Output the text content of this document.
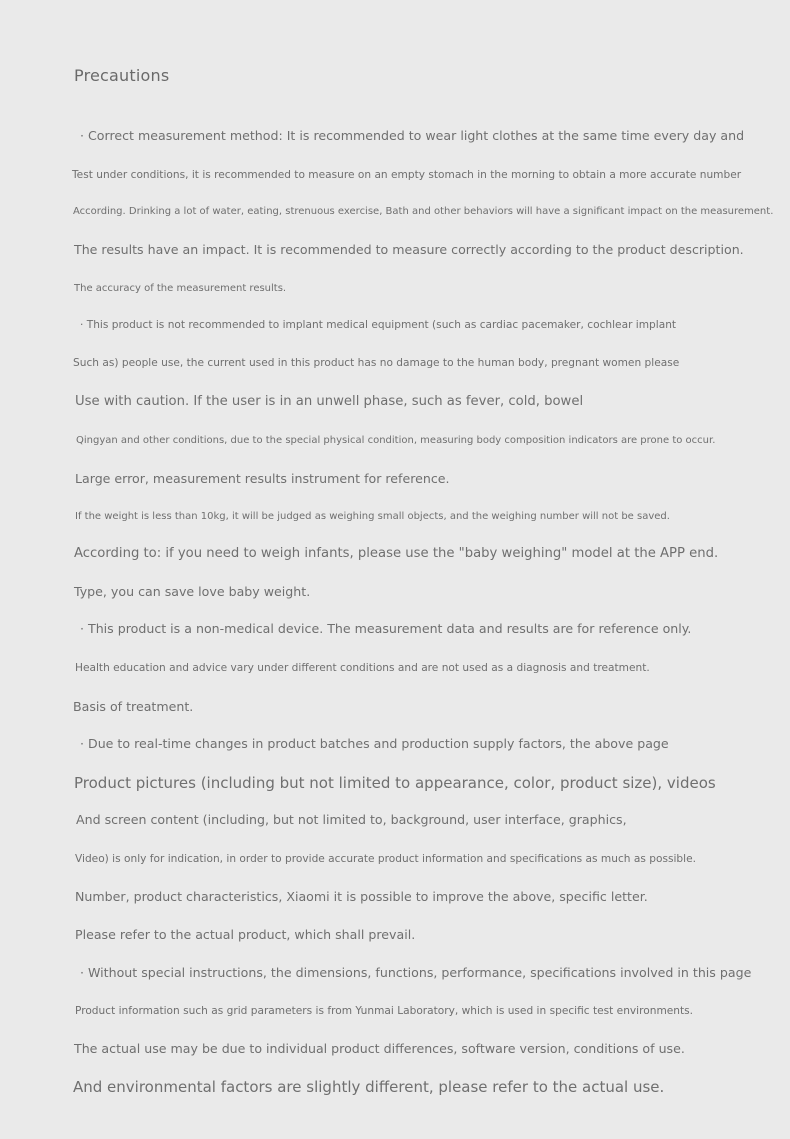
Precautions
· Correct measurement method: It is recommended to wear light clothes at the same time every day and
Test under conditions, it is recommended to measure on an empty stomach in the morning to obtain a more accurate number
According. Drinking a lot of water, eating, strenuous exercise, Bath and other behaviors will have a significant impact on the measurement.
The results have an impact. It is recommended to measure correctly according to the product description.
The accuracy of the measurement results.
· This product is not recommended to implant medical equipment (such as cardiac pacemaker, cochlear implant
Such as) people use, the current used in this product has no damage to the human body, pregnant women please
Use with caution. If the user is in an unwell phase, such as fever, cold, bowel
Qingyan and other conditions, due to the special physical condition, measuring body composition indicators are prone to occur.
Large error, measurement results instrument for reference.
If the weight is less than 10kg, it will be judged as weighing small objects, and the weighing number will not be saved.
According to: if you need to weigh infants, please use the "baby weighing" model at the APP end.
Type, you can save love baby weight.
· This product is a non-medical device. The measurement data and results are for reference only.
Health education and advice vary under different conditions and are not used as a diagnosis and treatment.
Basis of treatment.
· Due to real-time changes in product batches and production supply factors, the above page
Product pictures (including but not limited to appearance, color, product size), videos
And screen content (including, but not limited to, background, user interface, graphics,
Video) is only for indication, in order to provide accurate product information and specifications as much as possible.
Number, product characteristics, Xiaomi it is possible to improve the above, specific letter.
Please refer to the actual product, which shall prevail.
· Without special instructions, the dimensions, functions, performance, specifications involved in this page
Product information such as grid parameters is from Yunmai Laboratory, which is used in specific test environments.
The actual use may be due to individual product differences, software version, conditions of use.
And environmental factors are slightly different, please refer to the actual use.
